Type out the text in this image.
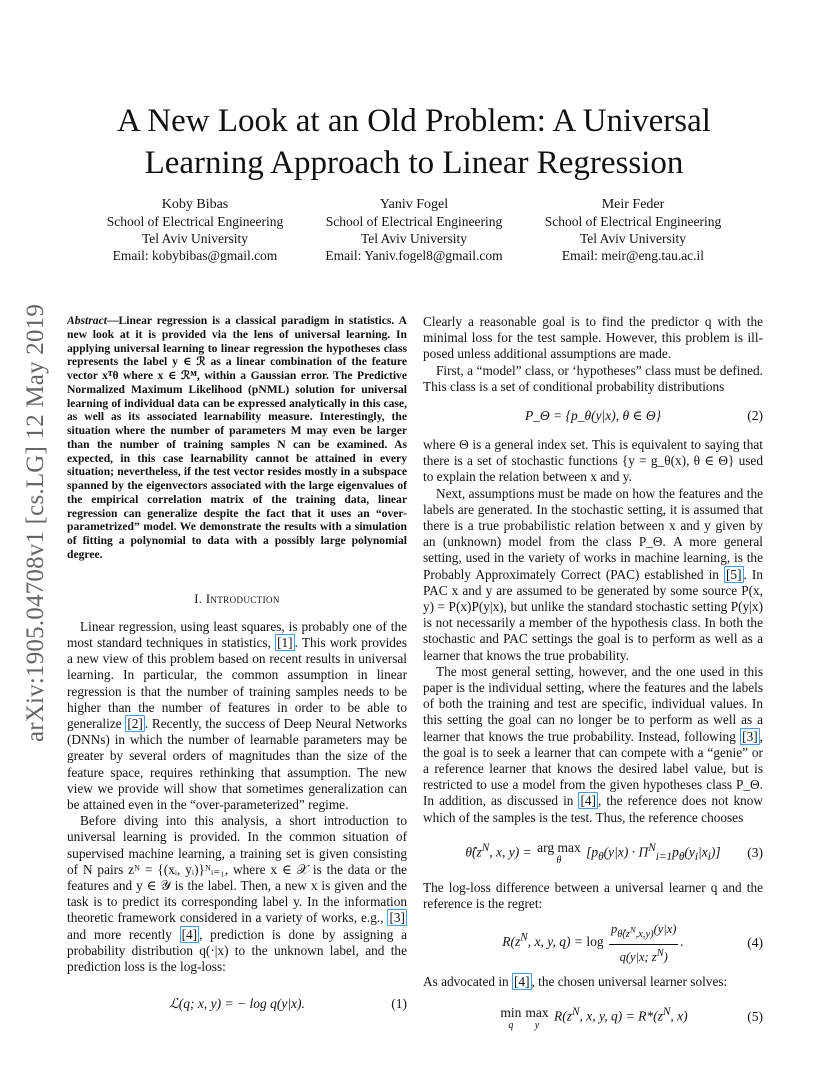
arXiv:1905.04708v1 [cs.LG] 12 May 2019
A New Look at an Old Problem: A Universal
Learning Approach to Linear Regression
Koby Bibas
School of Electrical Engineering
Tel Aviv University
Email: kobybibas@gmail.com
Yaniv Fogel
School of Electrical Engineering
Tel Aviv University
Email: Yaniv.fogel8@gmail.com
Meir Feder
School of Electrical Engineering
Tel Aviv University
Email: meir@eng.tau.ac.il

Abstract—Linear regression is a classical paradigm in statistics. A new look at it is provided via the lens of universal learning. In applying universal learning to linear regression the hypotheses class represents the label y ∈ ℛ as a linear combination of the feature vector xᵀθ where x ∈ ℛᴹ, within a Gaussian error. The Predictive Normalized Maximum Likelihood (pNML) solution for universal learning of individual data can be expressed analytically in this case, as well as its associated learnability measure. Interestingly, the situation where the number of parameters M may even be larger than the number of training samples N can be examined. As expected, in this case learnability cannot be attained in every situation; nevertheless, if the test vector resides mostly in a subspace spanned by the eigenvectors associated with the large eigenvalues of the empirical correlation matrix of the training data, linear regression can generalize despite the fact that it uses an “over-parametrized” model. We demonstrate the results with a simulation of fitting a polynomial to data with a possibly large polynomial degree.

I. Introduction

Linear regression, using least squares, is probably one of the most standard techniques in statistics, [1] . This work provides a new view of this problem based on recent results in universal learning. In particular, the common assumption in linear regression is that the number of training samples needs to be higher than the number of features in order to be able to generalize [2] . Recently, the success of Deep Neural Networks (DNNs) in which the number of learnable parameters may be greater by several orders of magnitudes than the size of the feature space, requires rethinking that assumption. The new view we provide will show that sometimes generalization can be attained even in the “over-parameterized” regime.

Before diving into this analysis, a short introduction to universal learning is provided. In the common situation of supervised machine learning, a training set is given consisting of N pairs zᴺ = {(xᵢ, yᵢ)}ᴺᵢ₌₁, where x ∈ 𝒳 is the data or the features and y ∈ 𝒴 is the label. Then, a new x is given and the task is to predict its corresponding label y. In the information theoretic framework considered in a variety of works, e.g., [3] and more recently [4] , prediction is done by assigning a probability distribution q(·|x) to the unknown label, and the prediction loss is the log-loss:

ℒ(q; x, y) = − log q(y|x).	(1)

Clearly a reasonable goal is to find the predictor q with the minimal loss for the test sample. However, this problem is ill-posed unless additional assumptions are made.

First, a “model” class, or ‘hypotheses” class must be defined. This class is a set of conditional probability distributions

P_Θ = {p_θ(y|x), θ ∈ Θ}	(2)

where Θ is a general index set. This is equivalent to saying that there is a set of stochastic functions {y = g_θ(x), θ ∈ Θ} used to explain the relation between x and y.

Next, assumptions must be made on how the features and the labels are generated. In the stochastic setting, it is assumed that there is a true probabilistic relation between x and y given by an (unknown) model from the class P_Θ. A more general setting, used in the variety of works in machine learning, is the Probably Approximately Correct (PAC) established in [5] . In PAC x and y are assumed to be generated by some source P(x, y) = P(x)P(y|x), but unlike the standard stochastic setting P(y|x) is not necessarily a member of the hypothesis class. In both the stochastic and PAC settings the goal is to perform as well as a learner that knows the true probability.

The most general setting, however, and the one used in this paper is the individual setting, where the features and the labels of both the training and test are specific, individual values. In this setting the goal can no longer be to perform as well as a learner that knows the true probability. Instead, following [3] , the goal is to seek a learner that can compete with a “genie” or a reference learner that knows the desired label value, but is restricted to use a model from the given hypotheses class P_Θ. In addition, as discussed in [4] , the reference does not know which of the samples is the test. Thus, the reference chooses

$\thetâ(z^N$, x, y) = arg max
θ
$[p_\theta(y|x) \cdot \Pi^N_{i=1}p_\theta(y_i|x_i)]$ (3)

The log-loss difference between a universal learner q and the reference is the regret:

$R(z^N$, x, y, $q) = \log \frac{p_{\thetâ(z^N,x,y)}(y|x)}{q(y|x; z^N)}$ .	(4)

As advocated in [4] , the chosen universal learner solves:

min
q
max
y
$R(z^N$, x, y, $q) = R*(z^N$, x)	(5)
